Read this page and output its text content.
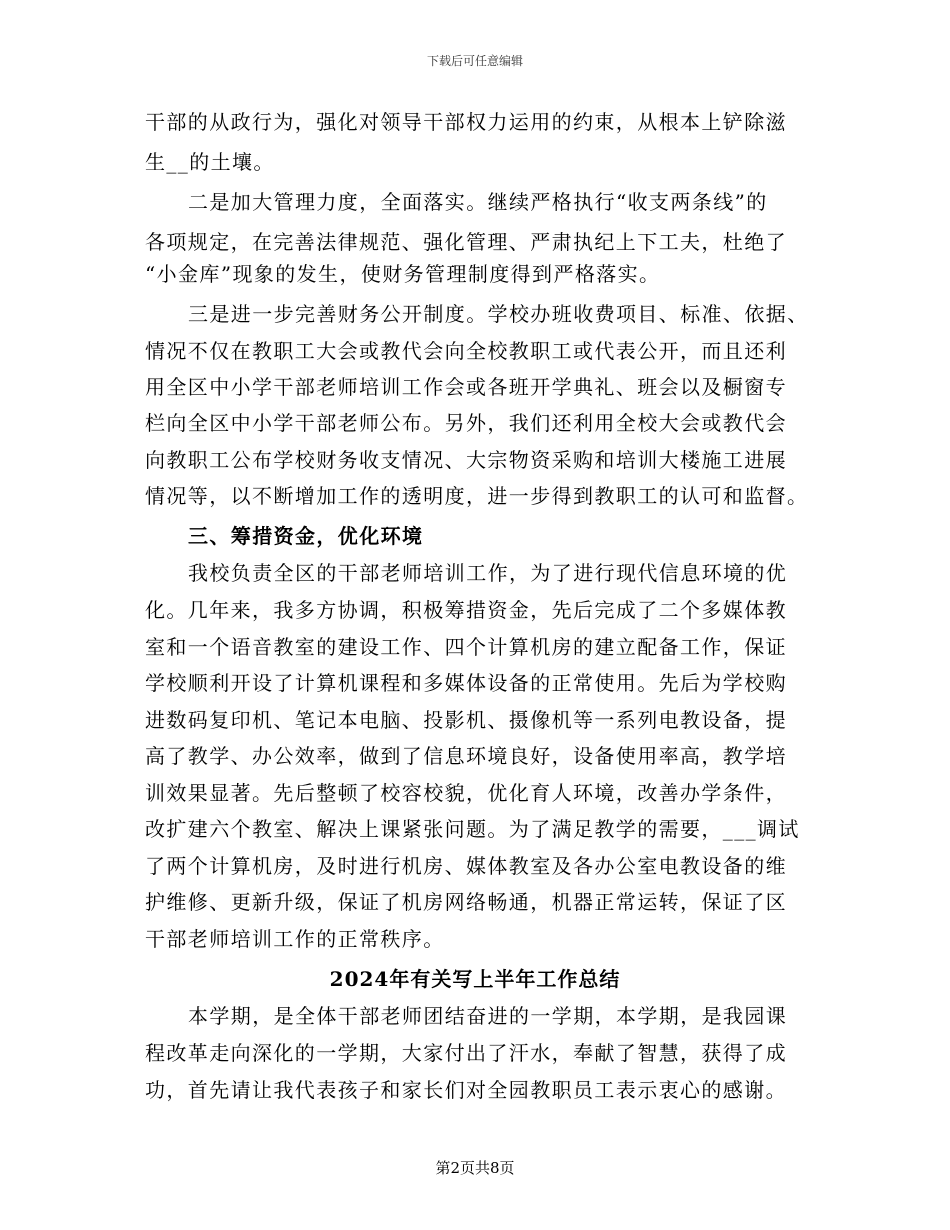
下载后可任意编辑
干部的从政行为，强化对领导干部权力运用的约束，从根本上铲除滋
生__的土壤。
二是加大管理力度，全面落实。继续严格执行“收支两条线”的
各项规定，在完善法律规范、强化管理、严肃执纪上下工夫，杜绝了
“小金库”现象的发生，使财务管理制度得到严格落实。
三是进一步完善财务公开制度。学校办班收费项目、标准、依据、
情况不仅在教职工大会或教代会向全校教职工或代表公开，而且还利
用全区中小学干部老师培训工作会或各班开学典礼、班会以及橱窗专
栏向全区中小学干部老师公布。另外，我们还利用全校大会或教代会
向教职工公布学校财务收支情况、大宗物资采购和培训大楼施工进展
情况等，以不断增加工作的透明度，进一步得到教职工的认可和监督。
三、筹措资金，优化环境
我校负责全区的干部老师培训工作，为了进行现代信息环境的优
化。几年来，我多方协调，积极筹措资金，先后完成了二个多媒体教
室和一个语音教室的建设工作、四个计算机房的建立配备工作，保证
学校顺利开设了计算机课程和多媒体设备的正常使用。先后为学校购
进数码复印机、笔记本电脑、投影机、摄像机等一系列电教设备，提
高了教学、办公效率，做到了信息环境良好，设备使用率高，教学培
训效果显著。先后整顿了校容校貌，优化育人环境，改善办学条件，
改扩建六个教室、解决上课紧张问题。为了满足教学的需要，___调试
了两个计算机房，及时进行机房、媒体教室及各办公室电教设备的维
护维修、更新升级，保证了机房网络畅通，机器正常运转，保证了区
干部老师培训工作的正常秩序。
2024年有关写上半年工作总结
本学期，是全体干部老师团结奋进的一学期，本学期，是我园课
程改革走向深化的一学期，大家付出了汗水，奉献了智慧，获得了成
功，首先请让我代表孩子和家长们对全园教职员工表示衷心的感谢。
第2页共8页
